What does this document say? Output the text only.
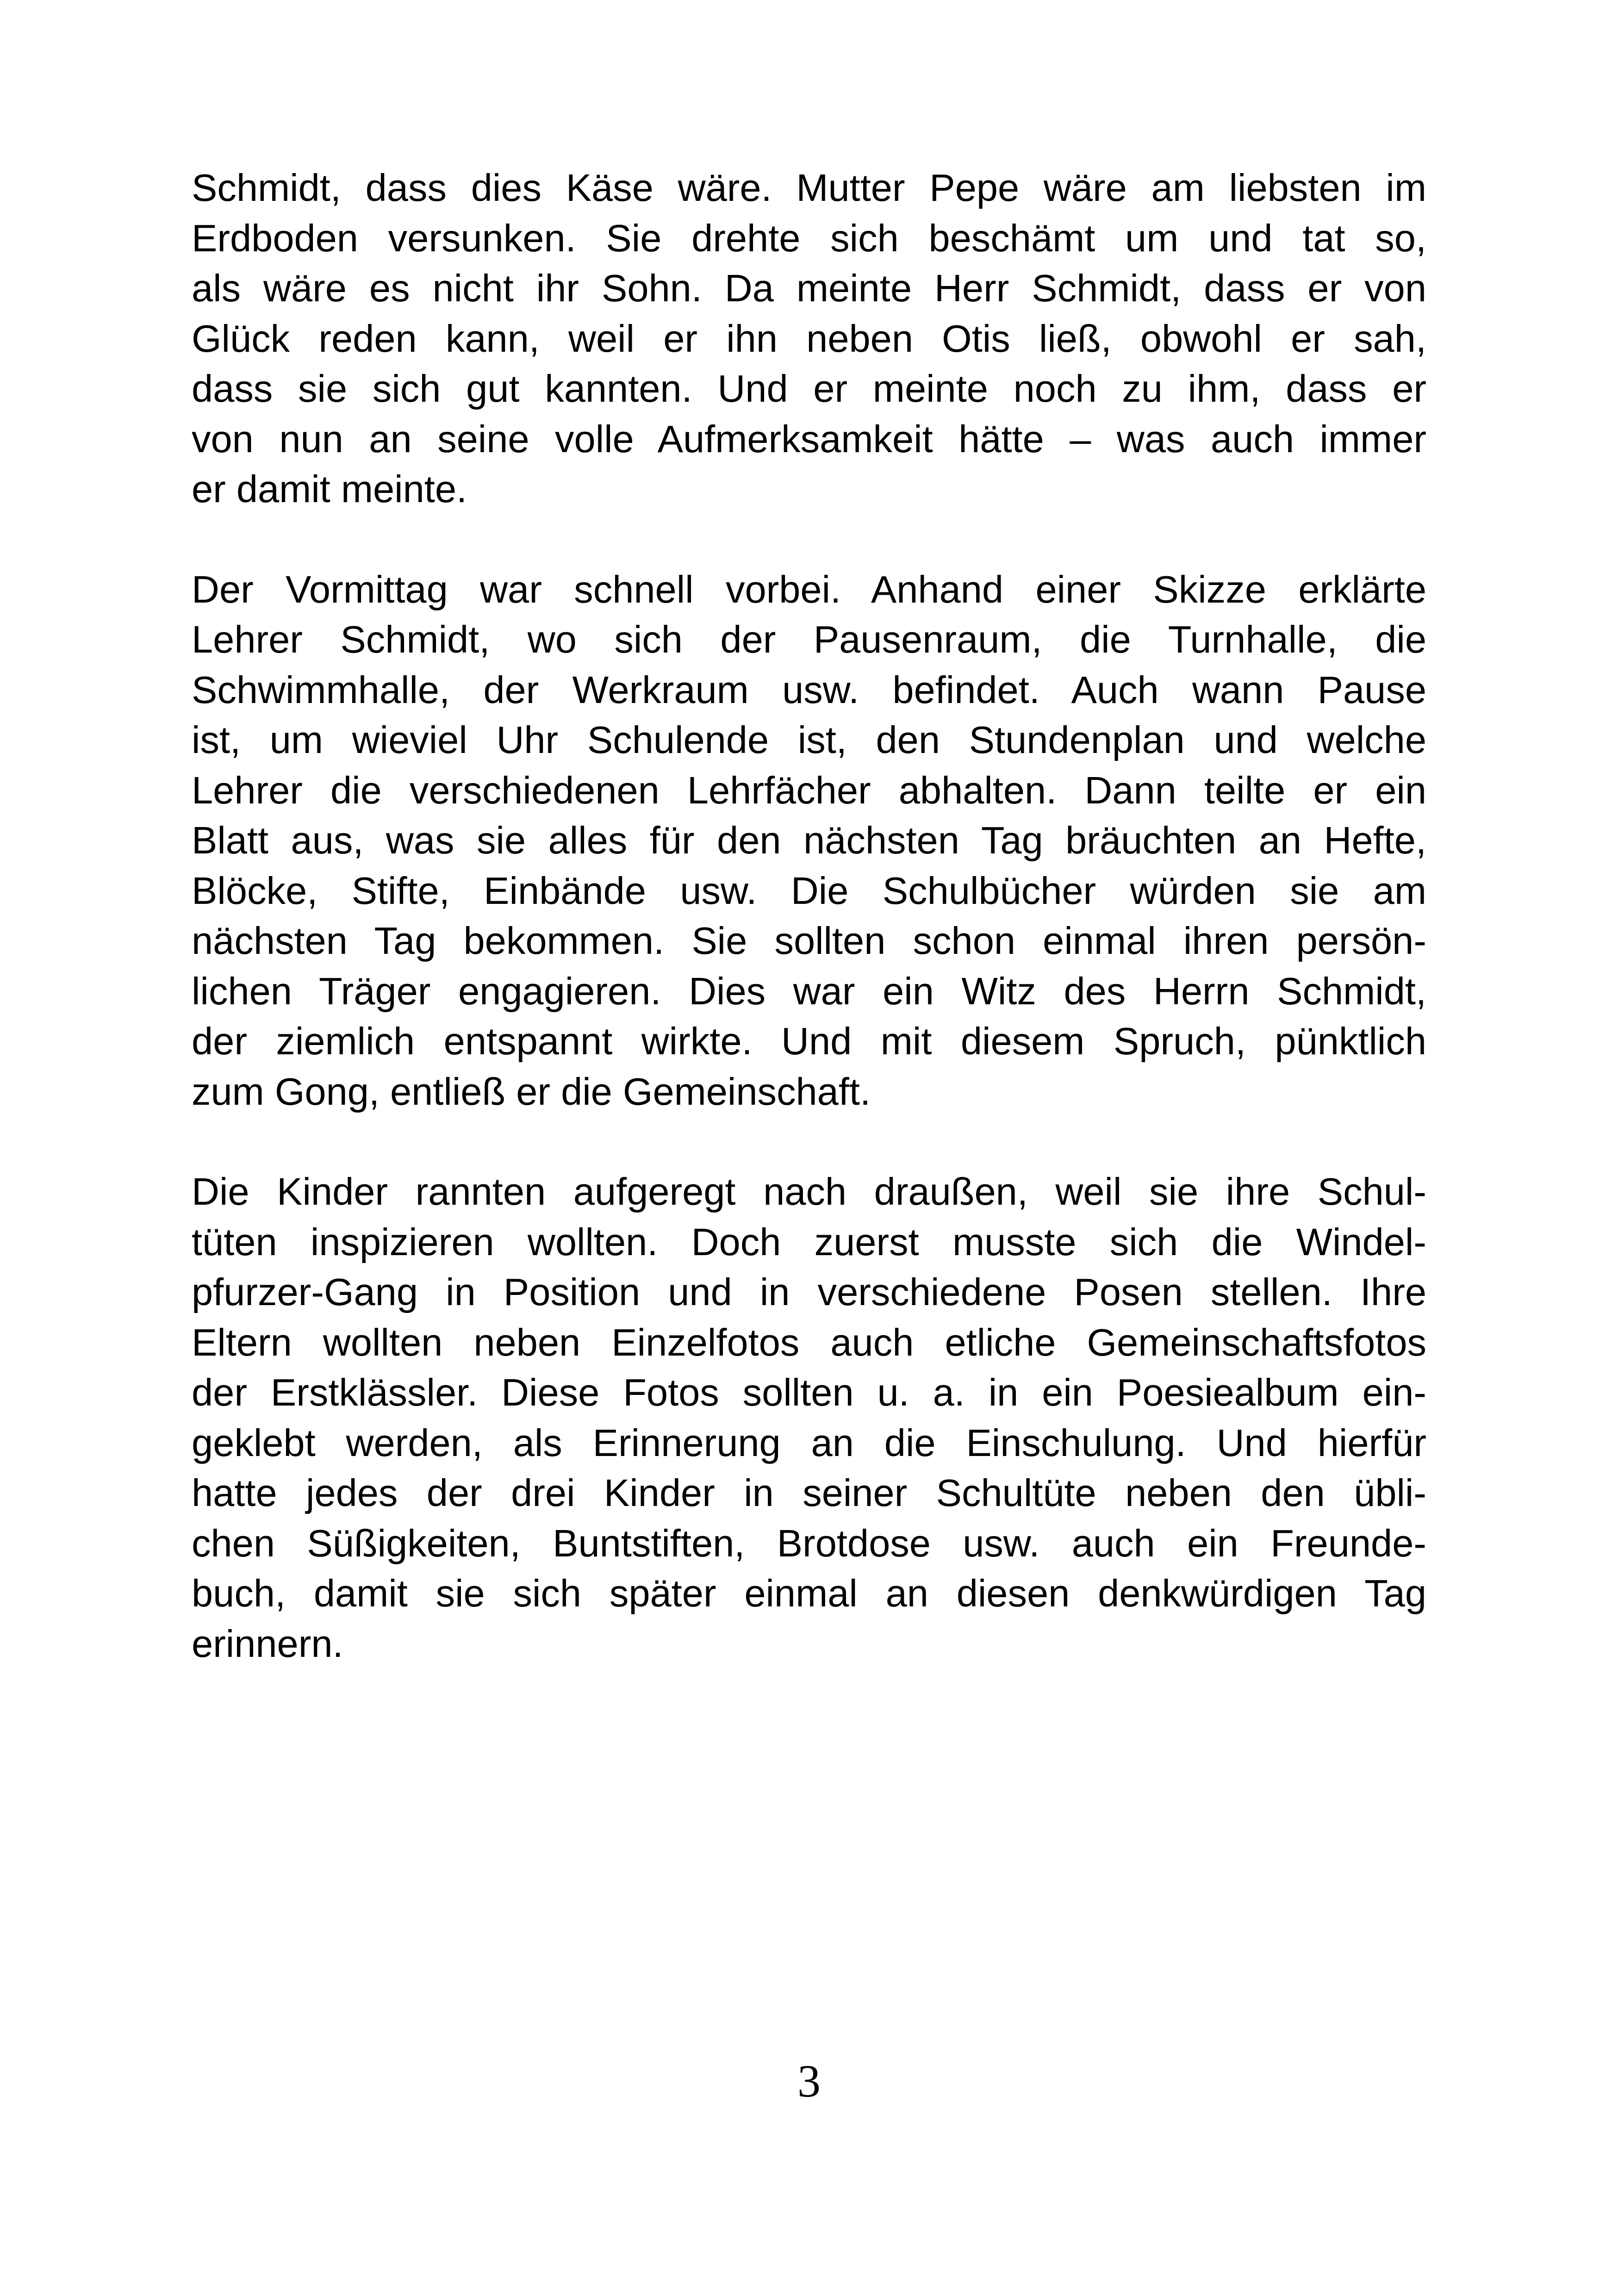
Schmidt, dass dies Käse wäre. Mutter Pepe wäre am liebsten im
Erdboden versunken. Sie drehte sich beschämt um und tat so,
als wäre es nicht ihr Sohn. Da meinte Herr Schmidt, dass er von
Glück reden kann, weil er ihn neben Otis ließ, obwohl er sah,
dass sie sich gut kannten. Und er meinte noch zu ihm, dass er
von nun an seine volle Aufmerksamkeit hätte – was auch immer
er damit meinte.

Der Vormittag war schnell vorbei. Anhand einer Skizze erklärte
Lehrer Schmidt, wo sich der Pausenraum, die Turnhalle, die
Schwimmhalle, der Werkraum usw. befindet. Auch wann Pause
ist, um wieviel Uhr Schulende ist, den Stundenplan und welche
Lehrer die verschiedenen Lehrfächer abhalten. Dann teilte er ein
Blatt aus, was sie alles für den nächsten Tag bräuchten an Hefte,
Blöcke, Stifte, Einbände usw. Die Schulbücher würden sie am
nächsten Tag bekommen. Sie sollten schon einmal ihren persön-
lichen Träger engagieren. Dies war ein Witz des Herrn Schmidt,
der ziemlich entspannt wirkte. Und mit diesem Spruch, pünktlich
zum Gong, entließ er die Gemeinschaft.

Die Kinder rannten aufgeregt nach draußen, weil sie ihre Schul-
tüten inspizieren wollten. Doch zuerst musste sich die Windel-
pfurzer-Gang in Position und in verschiedene Posen stellen. Ihre
Eltern wollten neben Einzelfotos auch etliche Gemeinschaftsfotos
der Erstklässler. Diese Fotos sollten u. a. in ein Poesiealbum ein-
geklebt werden, als Erinnerung an die Einschulung. Und hierfür
hatte jedes der drei Kinder in seiner Schultüte neben den übli-
chen Süßigkeiten, Buntstiften, Brotdose usw. auch ein Freunde-
buch, damit sie sich später einmal an diesen denkwürdigen Tag
erinnern.

3
